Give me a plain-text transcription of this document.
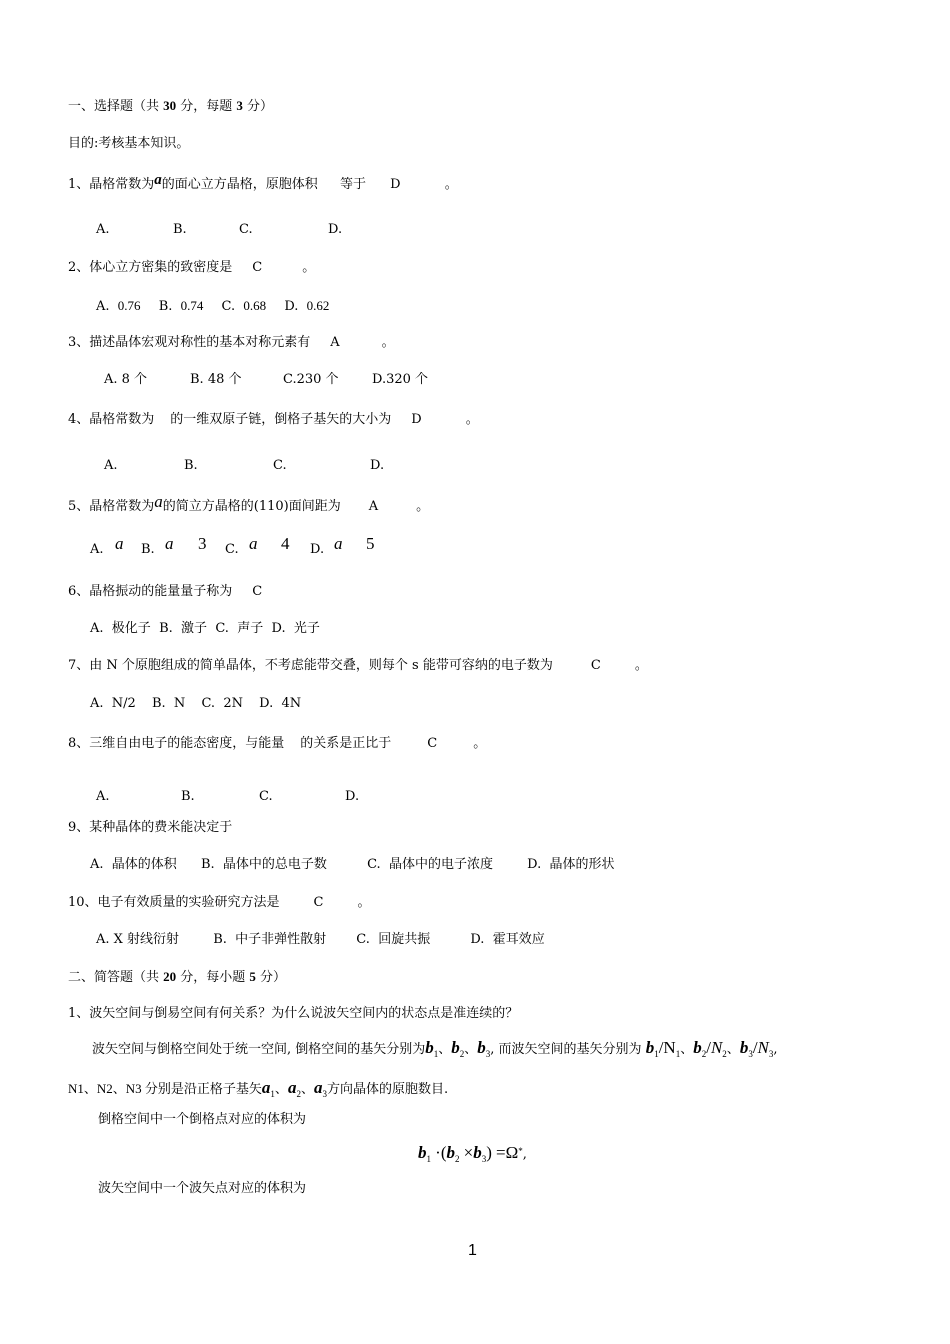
一、选择题（共 30 分，每题 3 分）
目的:考核基本知识。
1、晶格常数为a的面心立方晶格，原胞体积 等于 D	。
A.	B.	C.	D.
2、体心立方密集的致密度是 C	。
A. 0.76 B. 0.74 C. 0.68 D. 0.62
3、描述晶体宏观对称性的基本对称元素有 A	。
A. 8 个	B. 48 个	C.230 个	D.320 个
4、晶格常数为 的一维双原子链，倒格子基矢的大小为 D	。
A.	B.	C.	D.
5、晶格常数为a的简立方晶格的(110)面间距为 A	。
A. a B. a 3 C. a 4 D. a 5
6、晶格振动的能量量子称为 C
A. 极化子 B. 激子 C. 声子 D. 光子
7、由 N 个原胞组成的简单晶体，不考虑能带交叠，则每个 s 能带可容纳的电子数为	C	。
A. N/2 B. N C. 2N D. 4N
8、三维自由电子的能态密度，与能量 的关系是正比于	C	。
A.	B.	C.	D.
9、某种晶体的费米能决定于
A. 晶体的体积 B. 晶体中的总电子数	C. 晶体中的电子浓度	D. 晶体的形状
10、电子有效质量的实验研究方法是	C	。
A. X 射线衍射	B. 中子非弹性散射 C. 回旋共振	D. 霍耳效应
二、简答题（共 20 分，每小题 5 分）
1、波矢空间与倒易空间有何关系？为什么说波矢空间内的状态点是准连续的？
波矢空间与倒格空间处于统一空间, 倒格空间的基矢分别为$b_1$、$b_2$、$b_3$, 而波矢空间的基矢分别为 $b_1/N_1$、$b_2/N_2$、$b_3/N_3$,
N1、N2、N3 分别是沿正格子基矢$a_1$、$a_2$、$a_3$方向晶体的原胞数目.
倒格空间中一个倒格点对应的体积为
$b_1 \cdot(b_2 \times b_3) =\Omega^*$,
波矢空间中一个波矢点对应的体积为
1
